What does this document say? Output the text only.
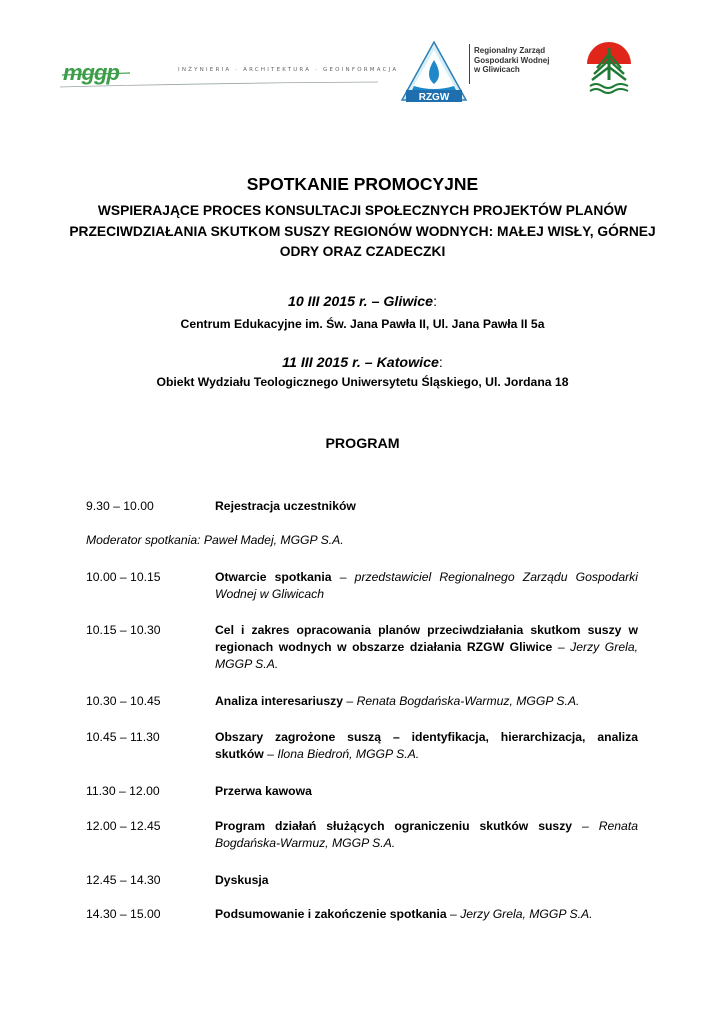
mggp	INŻYNIERIA · ARCHITEKTURA · GEOINFORMACJA
RZGW
Regionalny Zarząd
Gospodarki Wodnej
w Gliwicach
SPOTKANIE PROMOCYJNE
WSPIERAJĄCE PROCES KONSULTACJI SPOŁECZNYCH PROJEKTÓW PLANÓW PRZECIWDZIAŁANIA SKUTKOM SUSZY REGIONÓW WODNYCH: MAŁEJ WISŁY, GÓRNEJ ODRY ORAZ CZADECZKI
10 III 2015 r. – Gliwice:
Centrum Edukacyjne im. Św. Jana Pawła II, Ul. Jana Pawła II 5a
11 III 2015 r. – Katowice:
Obiekt Wydziału Teologicznego Uniwersytetu Śląskiego, Ul. Jordana 18
PROGRAM
9.30 – 10.00	Rejestracja uczestników
Moderator spotkania: Paweł Madej, MGGP S.A.
10.00 – 10.15	Otwarcie spotkania – przedstawiciel Regionalnego Zarządu Gospodarki Wodnej w Gliwicach
10.15 – 10.30	Cel i zakres opracowania planów przeciwdziałania skutkom suszy w regionach wodnych w obszarze działania RZGW Gliwice – Jerzy Grela, MGGP S.A.
10.30 – 10.45	Analiza interesariuszy – Renata Bogdańska-Warmuz, MGGP S.A.
10.45 – 11.30	Obszary zagrożone suszą – identyfikacja, hierarchizacja, analiza skutków – Ilona Biedroń, MGGP S.A.
11.30 – 12.00	Przerwa kawowa
12.00 – 12.45	Program działań służących ograniczeniu skutków suszy – Renata Bogdańska-Warmuz, MGGP S.A.
12.45 – 14.30	Dyskusja
14.30 – 15.00	Podsumowanie i zakończenie spotkania – Jerzy Grela, MGGP S.A.
